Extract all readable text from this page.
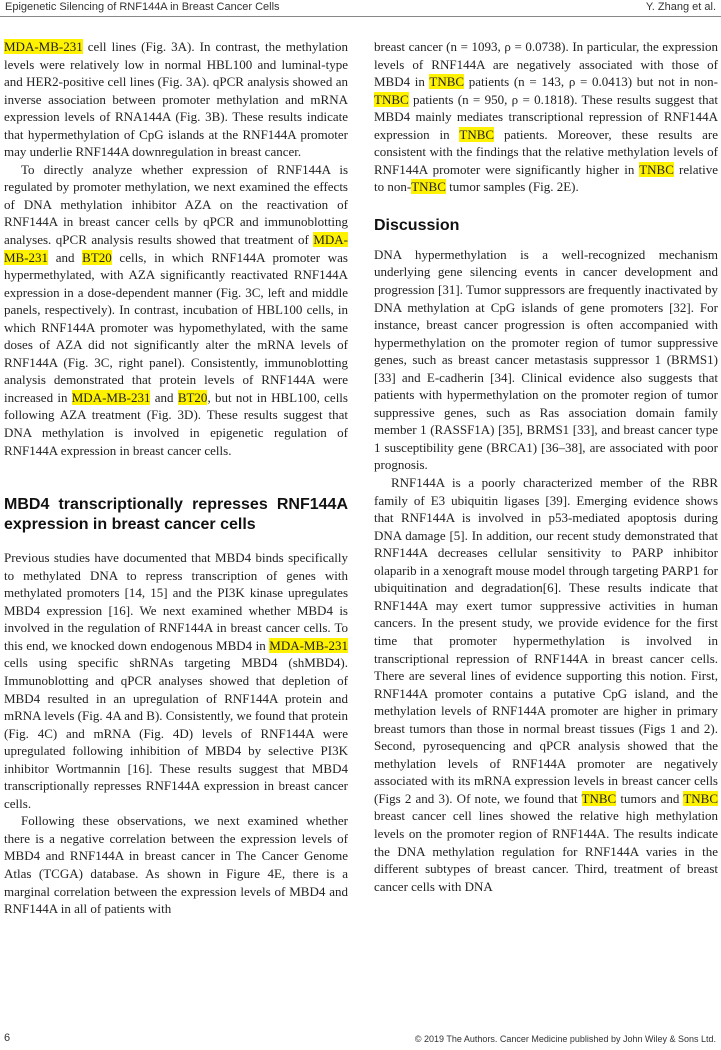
Epigenetic Silencing of RNF144A in Breast Cancer Cells	Y. Zhang et al.

MDA-MB-231 cell lines (Fig. 3A). In contrast, the methylation levels were relatively low in normal HBL100 and luminal-type and HER2-positive cell lines (Fig. 3A). qPCR analysis showed an inverse association between promoter methylation and mRNA expression levels of RNA144A (Fig. 3B). These results indicate that hypermethylation of CpG islands at the RNF144A promoter may underlie RNF144A downregulation in breast cancer.

To directly analyze whether expression of RNF144A is regulated by promoter methylation, we next examined the effects of DNA methylation inhibitor AZA on the reactivation of RNF144A in breast cancer cells by qPCR and immunoblotting analyses. qPCR analysis results showed that treatment of MDA-MB-231 and BT20 cells, in which RNF144A promoter was hypermethylated, with AZA significantly reactivated RNF144A expression in a dose-dependent manner (Fig. 3C, left and middle panels, respectively). In contrast, incubation of HBL100 cells, in which RNF144A promoter was hypomethylated, with the same doses of AZA did not significantly alter the mRNA levels of RNF144A (Fig. 3C, right panel). Consistently, immunoblotting analysis demonstrated that protein levels of RNF144A were increased in MDA-MB-231 and BT20, but not in HBL100, cells following AZA treatment (Fig. 3D). These results suggest that DNA methylation is involved in epigenetic regulation of RNF144A expression in breast cancer cells.

MBD4 transcriptionally represses RNF144A expression in breast cancer cells

Previous studies have documented that MBD4 binds specifically to methylated DNA to repress transcription of genes with methylated promoters [14, 15] and the PI3K kinase upregulates MBD4 expression [16]. We next examined whether MBD4 is involved in the regulation of RNF144A in breast cancer cells. To this end, we knocked down endogenous MBD4 in MDA-MB-231 cells using specific shRNAs targeting MBD4 (shMBD4). Immunoblotting and qPCR analyses showed that depletion of MBD4 resulted in an upregulation of RNF144A protein and mRNA levels (Fig. 4A and B). Consistently, we found that protein (Fig. 4C) and mRNA (Fig. 4D) levels of RNF144A were upregulated following inhibition of MBD4 by selective PI3K inhibitor Wortmannin [16]. These results suggest that MBD4 transcriptionally represses RNF144A expression in breast cancer cells.

Following these observations, we next examined whether there is a negative correlation between the expression levels of MBD4 and RNF144A in breast cancer in The Cancer Genome Atlas (TCGA) database. As shown in Figure 4E, there is a marginal correlation between the expression levels of MBD4 and RNF144A in all of patients with

breast cancer (n = 1093, ρ = 0.0738). In particular, the expression levels of RNF144A are negatively associated with those of MBD4 in TNBC patients (n = 143, ρ = 0.0413) but not in non-TNBC patients (n = 950, ρ = 0.1818). These results suggest that MBD4 mainly mediates transcriptional repression of RNF144A expression in TNBC patients. Moreover, these results are consistent with the findings that the relative methylation levels of RNF144A promoter were significantly higher in TNBC relative to non-TNBC tumor samples (Fig. 2E).

Discussion

DNA hypermethylation is a well-recognized mechanism underlying gene silencing events in cancer development and progression [31]. Tumor suppressors are frequently inactivated by DNA methylation at CpG islands of gene promoters [32]. For instance, breast cancer progression is often accompanied with hypermethylation on the promoter region of tumor suppressive genes, such as breast cancer metastasis suppressor 1 (BRMS1) [33] and E-cadherin [34]. Clinical evidence also suggests that patients with hypermethylation on the promoter region of tumor suppressive genes, such as Ras association domain family member 1 (RASSF1A) [35], BRMS1 [33], and breast cancer type 1 susceptibility gene (BRCA1) [36–38], are associated with poor prognosis.

RNF144A is a poorly characterized member of the RBR family of E3 ubiquitin ligases [39]. Emerging evidence shows that RNF144A is involved in p53-mediated apoptosis during DNA damage [5]. In addition, our recent study demonstrated that RNF144A decreases cellular sensitivity to PARP inhibitor olaparib in a xenograft mouse model through targeting PARP1 for ubiquitination and degradation[6]. These results indicate that RNF144A may exert tumor suppressive activities in human cancers. In the present study, we provide evidence for the first time that promoter hypermethylation is involved in transcriptional repression of RNF144A in breast cancer cells. There are several lines of evidence supporting this notion. First, RNF144A promoter contains a putative CpG island, and the methylation levels of RNF144A promoter are higher in primary breast tumors than those in normal breast tissues (Figs 1 and 2). Second, pyrosequencing and qPCR analysis showed that the methylation levels of RNF144A promoter are negatively associated with its mRNA expression levels in breast cancer cells (Figs 2 and 3). Of note, we found that TNBC tumors and TNBC breast cancer cell lines showed the relative high methylation levels on the promoter region of RNF144A. The results indicate the DNA methylation regulation for RNF144A varies in the different subtypes of breast cancer. Third, treatment of breast cancer cells with DNA

6	© 2019 The Authors. Cancer Medicine published by John Wiley & Sons Ltd.
